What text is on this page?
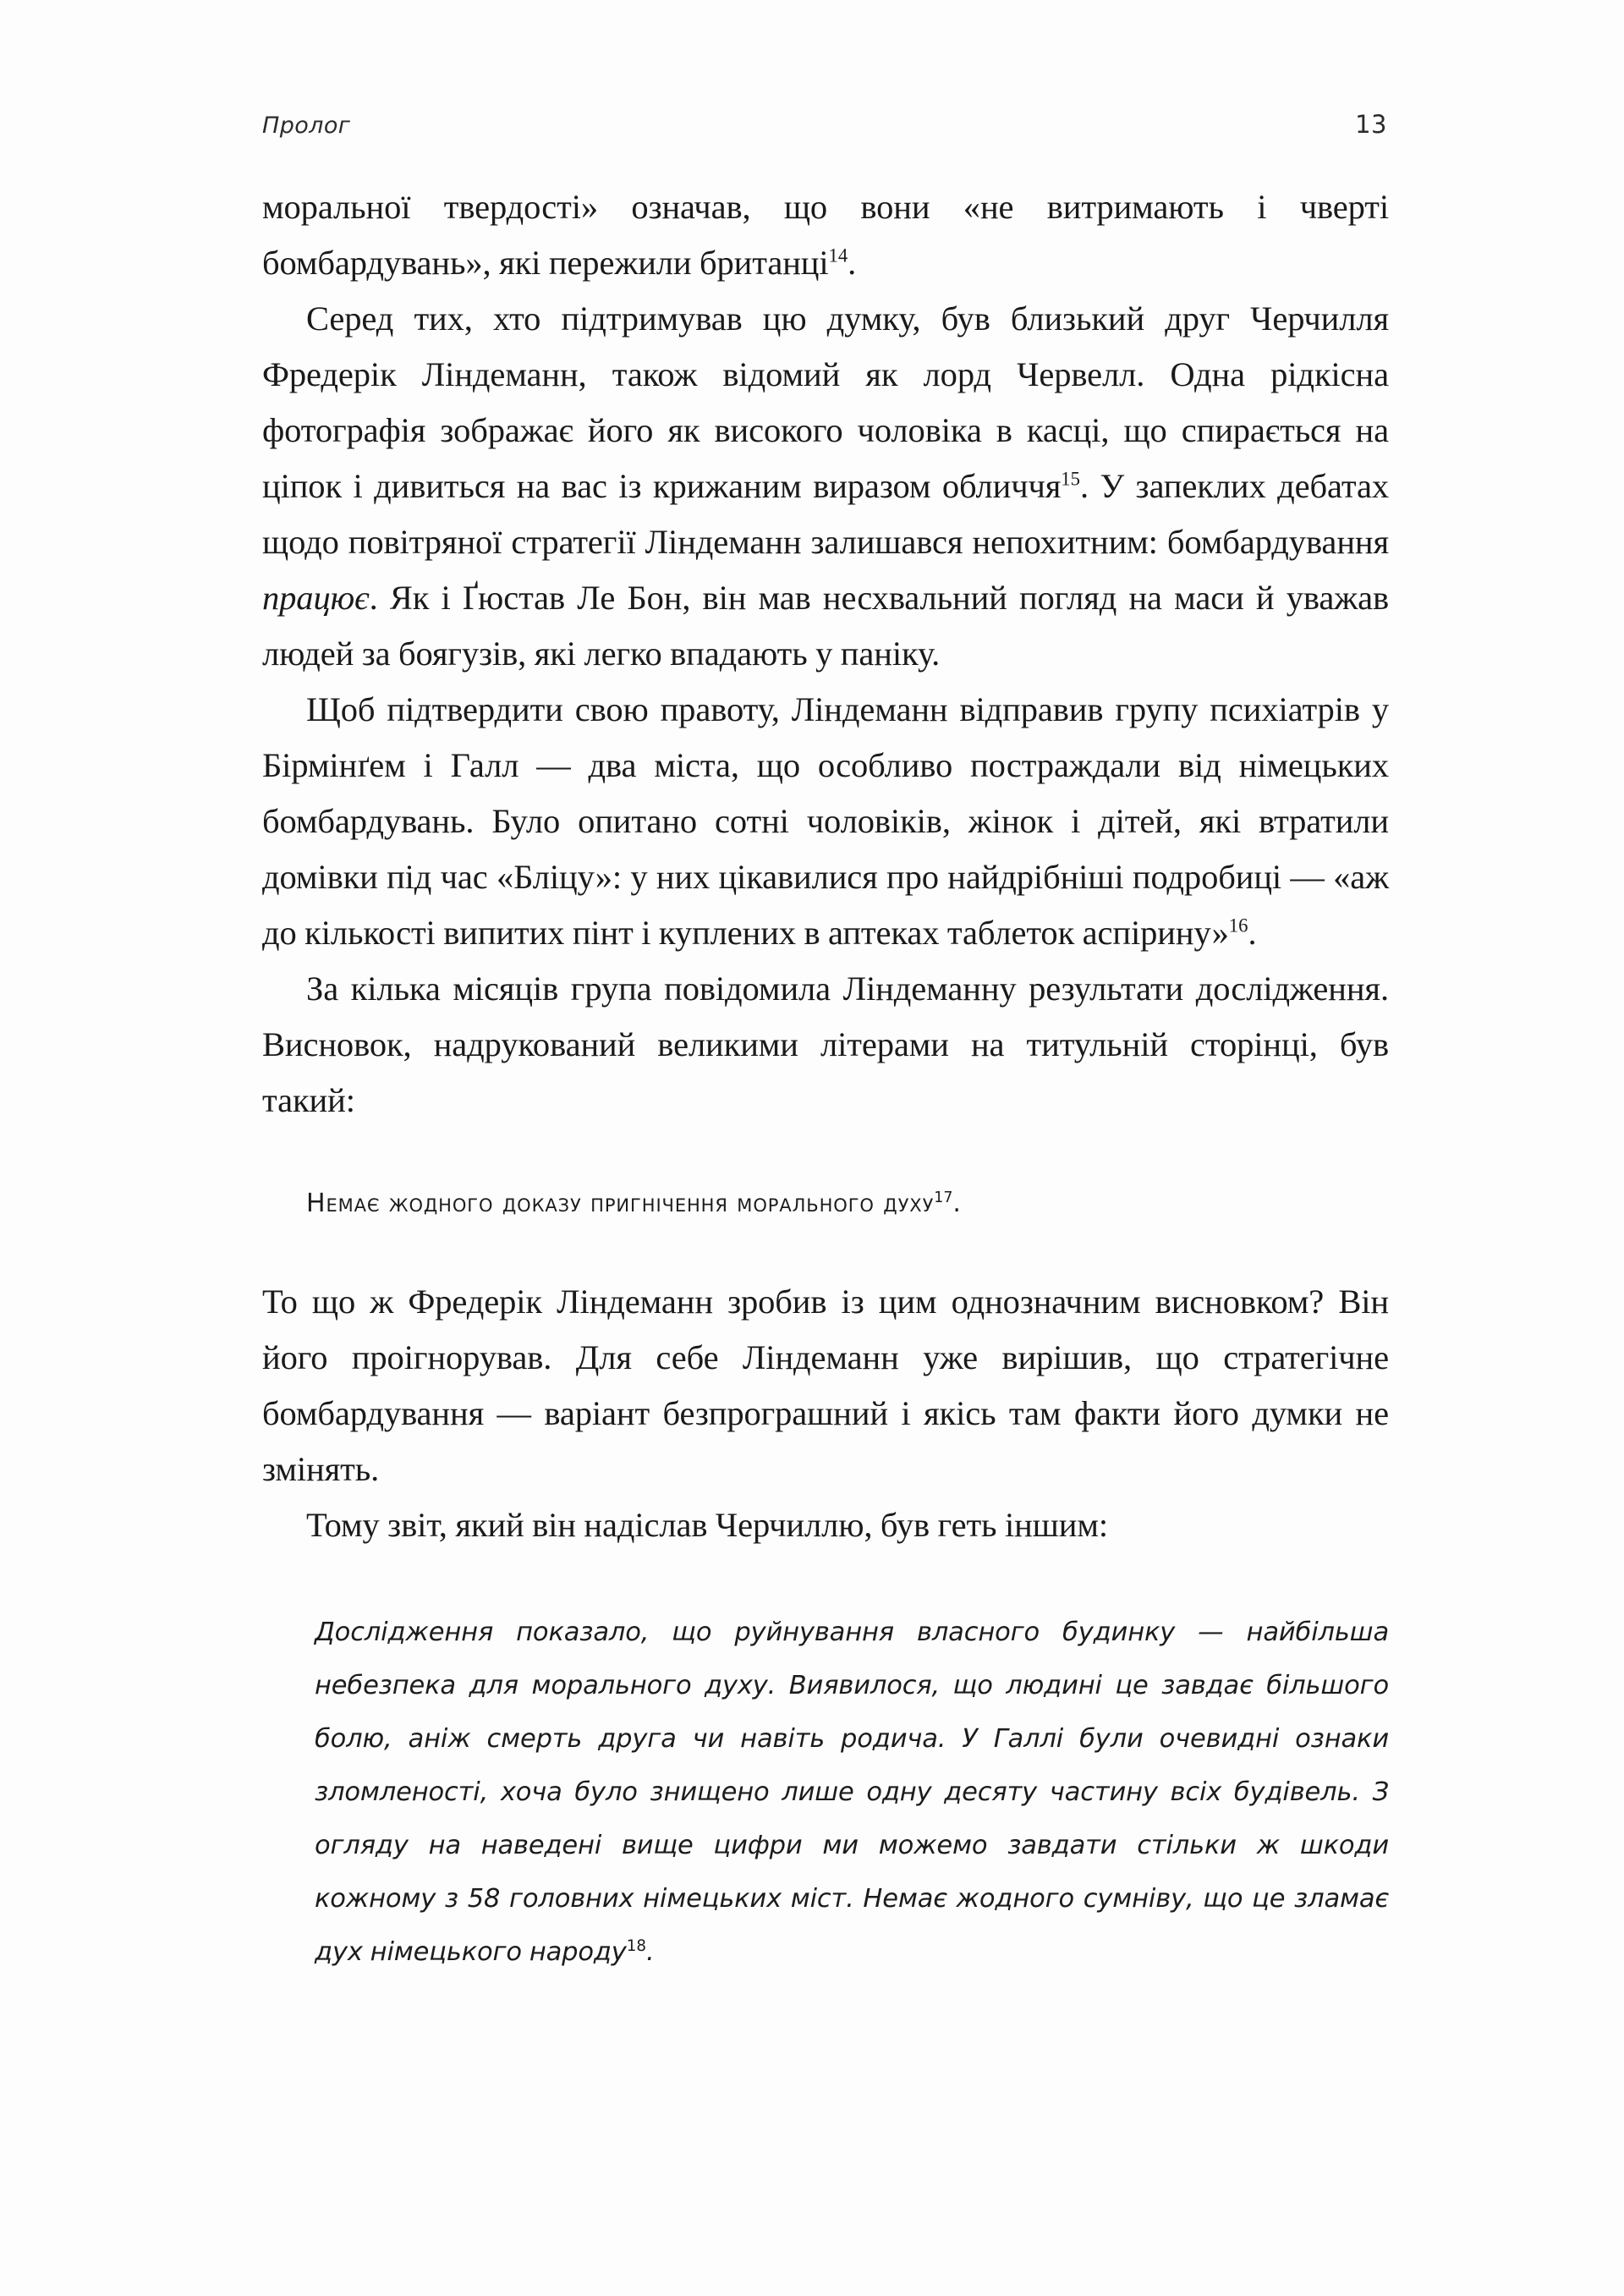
Пролог	13

моральної твердості» означав, що вони «не витримають і чверті бомбардувань», які пережили британці$^{14}$.

Серед тих, хто підтримував цю думку, був близький друг Черчилля Фредерік Ліндеманн, також відомий як лорд Червелл. Одна рідкісна фотографія зображає його як високого чоловіка в касці, що спирається на ціпок і дивиться на вас із крижаним виразом обличчя$^{15}$. У запеклих дебатах щодо повітряної стратегії Ліндеманн залишався непохитним: бомбардування працює. Як і Ґюстав Ле Бон, він мав несхвальний погляд на маси й уважав людей за боягузів, які легко впадають у паніку.

Щоб підтвердити свою правоту, Ліндеманн відправив групу психіатрів у Бірмінґем і Галл — два міста, що особливо постраждали від німецьких бомбардувань. Було опитано сотні чоловіків, жінок і дітей, які втратили домівки під час «Бліцу»: у них цікавилися про найдрібніші подробиці — «аж до кількості випитих пінт і куплених в аптеках таблеток аспірину»$^{16}$.

За кілька місяців група повідомила Ліндеманну результати дослідження. Висновок, надрукований великими літерами на титульній сторінці, був такий:

Немає жодного доказу пригнічення морального духу$^{17}$.

То що ж Фредерік Ліндеманн зробив із цим однозначним висновком? Він його проігнорував. Для себе Ліндеманн уже вирішив, що стратегічне бомбардування — варіант безпрограшний і якісь там факти його думки не змінять.

Тому звіт, який він надіслав Черчиллю, був геть іншим:

Дослідження показало, що руйнування власного будинку — найбільша небезпека для морального духу. Виявилося, що людині це завдає більшого болю, аніж смерть друга чи навіть родича. У Галлі були очевидні ознаки зломленості, хоча було знищено лише одну десяту частину всіх будівель. З огляду на наведені вище цифри ми можемо завдати стільки ж шкоди кожному з 58 головних німецьких міст. Немає жодного сумніву, що це зламає дух німецького народу$^{18}$.
